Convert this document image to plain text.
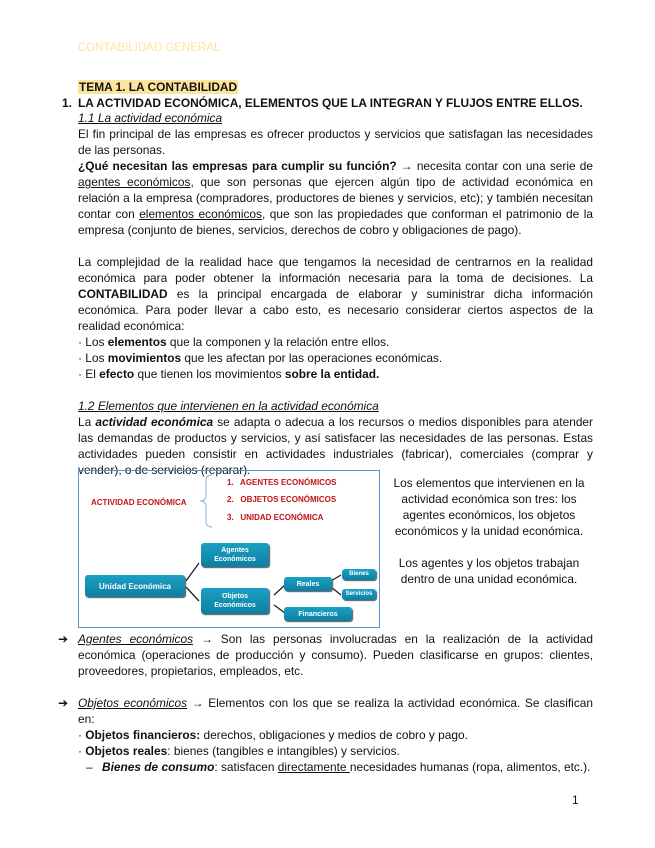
CONTABILIDAD GENERAL
TEMA 1. LA CONTABILIDAD
1. LA ACTIVIDAD ECONÓMICA, ELEMENTOS QUE LA INTEGRAN Y FLUJOS ENTRE ELLOS.

1.1 La actividad económica

El fin principal de las empresas es ofrecer productos y servicios que satisfagan las necesidades de las personas.

¿Qué necesitan las empresas para cumplir su función? → necesita contar con una serie de agentes económicos, que son personas que ejercen algún tipo de actividad económica en relación a la empresa (compradores, productores de bienes y servicios, etc); y también necesitan contar con elementos económicos, que son las propiedades que conforman el patrimonio de la empresa (conjunto de bienes, servicios, derechos de cobro y obligaciones de pago).

La complejidad de la realidad hace que tengamos la necesidad de centrarnos en la realidad económica para poder obtener la información necesaria para la toma de decisiones. La CONTABILIDAD es la principal encargada de elaborar y suministrar dicha información económica. Para poder llevar a cabo esto, es necesario considerar ciertos aspectos de la realidad económica:

· Los elementos que la componen y la relación entre ellos.

· Los movimientos que les afectan por las operaciones económicas.

· El efecto que tienen los movimientos sobre la entidad.

1.2 Elementos que intervienen en la actividad económica

La actividad económica se adapta o adecua a los recursos o medios disponibles para atender las demandas de productos y servicios, y así satisfacer las necesidades de las personas. Estas actividades pueden consistir en actividades industriales (fabricar), comerciales (comprar y vender), o de servicios (reparar).

ACTIVIDAD ECONÓMICA
1.   AGENTES ECONÓMICOS
2.   OBJETOS ECONÓMICOS
3.   UNIDAD ECONÓMICA
Unidad Económica
Agentes Económicos
Objetos Económicos
Reales
Financieros
Bienes
Servicios
Los elementos que intervienen en la actividad económica son tres: los agentes económicos, los objetos económicos y la unidad económica.
Los agentes y los objetos trabajan dentro de una unidad económica.

➔ Agentes económicos → Son las personas involucradas en la realización de la actividad económica (operaciones de producción y consumo). Pueden clasificarse en grupos: clientes, proveedores, propietarios, empleados, etc.

➔ Objetos económicos → Elementos con los que se realiza la actividad económica. Se clasifican en:

· Objetos financieros: derechos, obligaciones y medios de cobro y pago.

· Objetos reales: bienes (tangibles e intangibles) y servicios.

– Bienes de consumo: satisfacen directamente necesidades humanas (ropa, alimentos, etc.).

1
